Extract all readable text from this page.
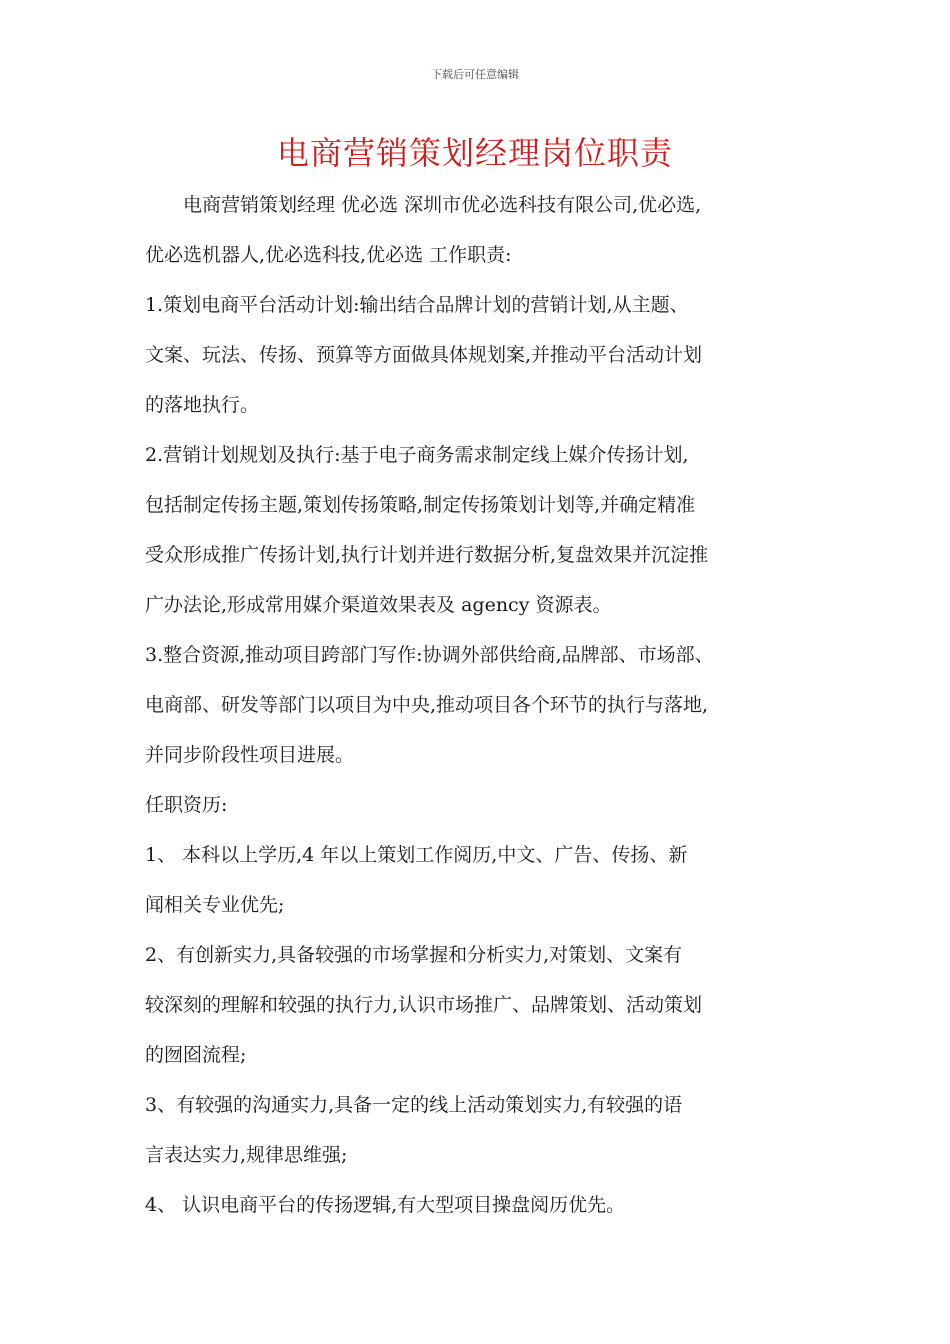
下载后可任意编辑
电商营销策划经理岗位职责

　　电商营销策划经理 优必选 深圳市优必选科技有限公司,优必选,

优必选机器人,优必选科技,优必选 工作职责:

1.策划电商平台活动计划:输出结合品牌计划的营销计划,从主题、

文案、玩法、传扬、预算等方面做具体规划案,并推动平台活动计划

的落地执行。

2.营销计划规划及执行:基于电子商务需求制定线上媒介传扬计划,

包括制定传扬主题,策划传扬策略,制定传扬策划计划等,并确定精准

受众形成推广传扬计划,执行计划并进行数据分析,复盘效果并沉淀推

广办法论,形成常用媒介渠道效果表及 agency 资源表。

3.整合资源,推动项目跨部门写作:协调外部供给商,品牌部、市场部、

电商部、研发等部门以项目为中央,推动项目各个环节的执行与落地,

并同步阶段性项目进展。

任职资历:

1、 本科以上学历,4 年以上策划工作阅历,中文、广告、传扬、新

闻相关专业优先;

2、有创新实力,具备较强的市场掌握和分析实力,对策划、文案有

较深刻的理解和较强的执行力,认识市场推广、品牌策划、活动策划

的囫囵流程;

3、有较强的沟通实力,具备一定的线上活动策划实力,有较强的语

言表达实力,规律思维强;

4、 认识电商平台的传扬逻辑,有大型项目操盘阅历优先。
